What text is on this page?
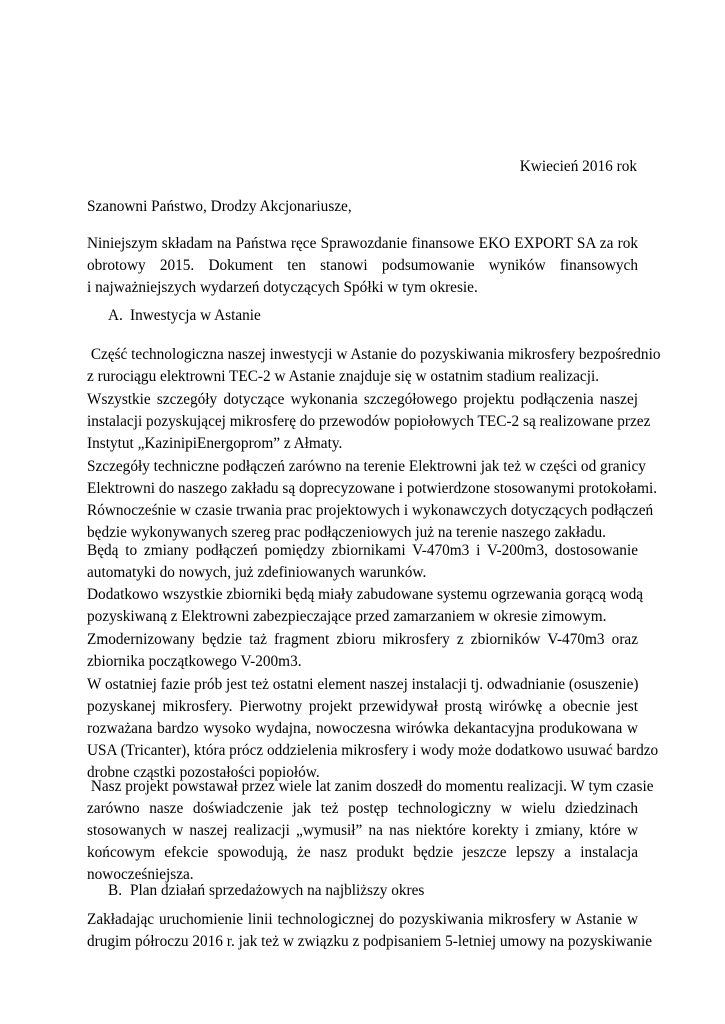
Kwiecień 2016 rok
Szanowni Państwo, Drodzy Akcjonariusze,
Niniejszym składam na Państwa ręce Sprawozdanie finansowe EKO EXPORT SA za rok
obrotowy 2015. Dokument ten stanowi podsumowanie wyników finansowych
i najważniejszych wydarzeń dotyczących Spółki w tym okresie.
A. Inwestycja w Astanie
Część technologiczna naszej inwestycji w Astanie do pozyskiwania mikrosfery bezpośrednio
z rurociągu elektrowni TEC-2 w Astanie znajduje się w ostatnim stadium realizacji.
Wszystkie szczegóły dotyczące wykonania szczegółowego projektu podłączenia naszej
instalacji pozyskującej mikrosferę do przewodów popiołowych TEC-2 są realizowane przez
Instytut „KazinipiEnergoprom” z Ałmaty.
Szczegóły techniczne podłączeń zarówno na terenie Elektrowni jak też w części od granicy
Elektrowni do naszego zakładu są doprecyzowane i potwierdzone stosowanymi protokołami.
Równocześnie w czasie trwania prac projektowych i wykonawczych dotyczących podłączeń
będzie wykonywanych szereg prac podłączeniowych już na terenie naszego zakładu.
Będą to zmiany podłączeń pomiędzy zbiornikami V-470m3 i V-200m3, dostosowanie
automatyki do nowych, już zdefiniowanych warunków.
Dodatkowo wszystkie zbiorniki będą miały zabudowane systemu ogrzewania gorącą wodą
pozyskiwaną z Elektrowni zabezpieczające przed zamarzaniem w okresie zimowym.
Zmodernizowany będzie taż fragment zbioru mikrosfery z zbiorników V-470m3 oraz
zbiornika początkowego V-200m3.
W ostatniej fazie prób jest też ostatni element naszej instalacji tj. odwadnianie (osuszenie)
pozyskanej mikrosfery. Pierwotny projekt przewidywał prostą wirówkę a obecnie jest
rozważana bardzo wysoko wydajna, nowoczesna wirówka dekantacyjna produkowana w
USA (Tricanter), która prócz oddzielenia mikrosfery i wody może dodatkowo usuwać bardzo
drobne cząstki pozostałości popiołów.
Nasz projekt powstawał przez wiele lat zanim doszedł do momentu realizacji. W tym czasie
zarówno nasze doświadczenie jak też postęp technologiczny w wielu dziedzinach
stosowanych w naszej realizacji „wymusił” na nas niektóre korekty i zmiany, które w
końcowym efekcie spowodują, że nasz produkt będzie jeszcze lepszy a instalacja
nowocześniejsza.
B. Plan działań sprzedażowych na najbliższy okres
Zakładając uruchomienie linii technologicznej do pozyskiwania mikrosfery w Astanie w
drugim półroczu 2016 r. jak też w związku z podpisaniem 5-letniej umowy na pozyskiwanie
